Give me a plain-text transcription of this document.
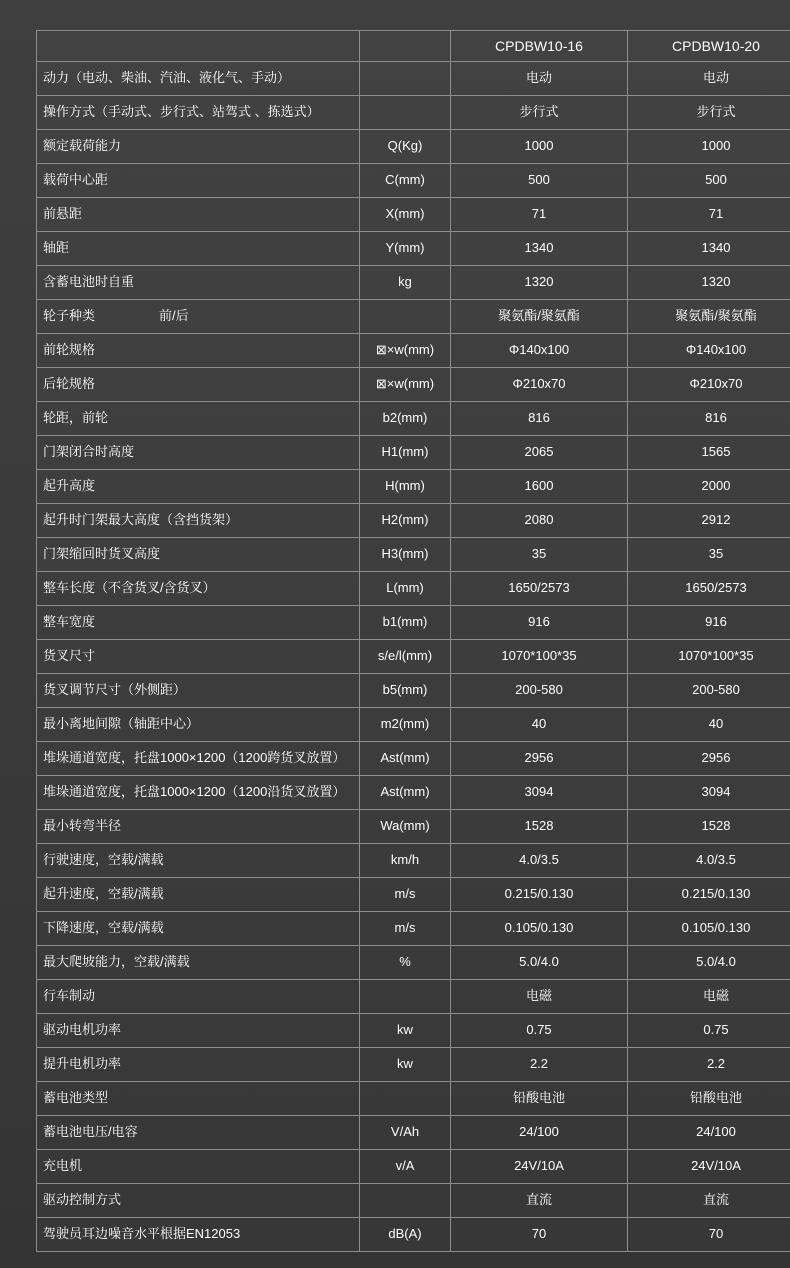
		CPDBW10-16	CPDBW10-20
动力（电动、柴油、汽油、液化气、手动）		电动	电动
操作方式（手动式、步行式、站驾式 、拣选式）		步行式	步行式
额定载荷能力	Q(Kg)	1000	1000
载荷中心距	C(mm)	500	500
前悬距	X(mm)	71	71
轴距	Y(mm)	1340	1340
含蓄电池时自重	kg	1320	1320
轮子种类 前/后		聚氨酯/聚氨酯	聚氨酯/聚氨酯
前轮规格	⊠×w(mm)	Φ140x100	Φ140x100
后轮规格	⊠×w(mm)	Φ210x70	Φ210x70
轮距，前轮	b2(mm)	816	816
门架闭合时高度	H1(mm)	2065	1565
起升高度	H(mm)	1600	2000
起升时门架最大高度（含挡货架）	H2(mm)	2080	2912
门架缩回时货叉高度	H3(mm)	35	35
整车长度（不含货叉/含货叉）	L(mm)	1650/2573	1650/2573
整车宽度	b1(mm)	916	916
货叉尺寸	s/e/l(mm)	1070*100*35	1070*100*35
货叉调节尺寸（外侧距）	b5(mm)	200-580	200-580
最小离地间隙（轴距中心）	m2(mm)	40	40
堆垛通道宽度，托盘1000×1200（1200跨货叉放置）	Ast(mm)	2956	2956
堆垛通道宽度，托盘1000×1200（1200沿货叉放置）	Ast(mm)	3094	3094
最小转弯半径	Wa(mm)	1528	1528
行驶速度，空载/满载	km/h	4.0/3.5	4.0/3.5
起升速度，空载/满载	m/s	0.215/0.130	0.215/0.130
下降速度，空载/满载	m/s	0.105/0.130	0.105/0.130
最大爬坡能力，空载/满载	%	5.0/4.0	5.0/4.0
行车制动		电磁	电磁
驱动电机功率	kw	0.75	0.75
提升电机功率	kw	2.2	2.2
蓄电池类型		铅酸电池	铅酸电池
蓄电池电压/电容	V/Ah	24/100	24/100
充电机	v/A	24V/10A	24V/10A
驱动控制方式		直流	直流
驾驶员耳边噪音水平根据EN12053	dB(A)	70	70
